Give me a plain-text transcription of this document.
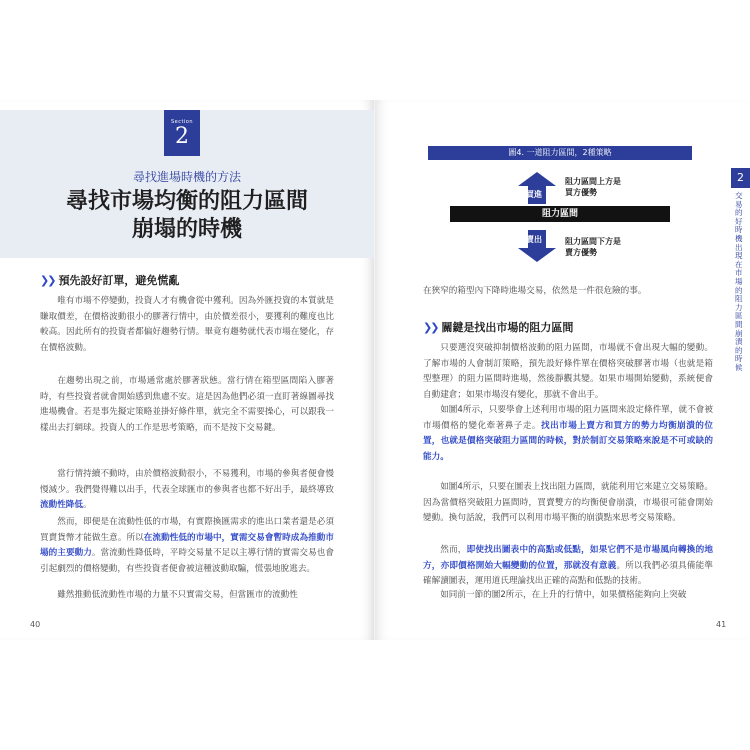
Section
2
尋找進場時機的方法
尋找市場均衡的阻力區間
崩塌的時機
❯❯ 預先設好訂單，避免慌亂

唯有市場不停變動，投資人才有機會從中獲利。因為外匯投資的本質就是賺取價差，在價格波動很小的膠著行情中，由於價差很小，要獲利的難度也比較高。因此所有的投資者都偏好趨勢行情。畢竟有趨勢就代表市場在變化，存在價格波動。

在趨勢出現之前，市場通常處於膠著狀態。當行情在箱型區間陷入膠著時，有些投資者就會開始感到焦慮不安。這是因為他們必須一直盯著線圖尋找進場機會。若是事先擬定策略並掛好條件單，就完全不需要操心，可以跟我一樣出去打網球。投資人的工作是思考策略，而不是按下交易鍵。

當行情持續不動時，由於價格波動很小，不易獲利，市場的參與者便會慢慢減少。我們覺得難以出手，代表全球匯市的參與者也都不好出手，最終導致流動性降低。

然而，即便是在流動性低的市場，有實際換匯需求的進出口業者還是必須買賣貨幣才能做生意。所以在流動性低的市場中，實需交易會暫時成為推動市場的主要動力。當流動性降低時，平時交易量不足以主導行情的實需交易也會引起劇烈的價格變動，有些投資者便會被這種波動取騙，慌張地脫逃去。

雖然推動低流動性市場的力量不只實需交易，但當匯市的流動性

40
圖4. 一道阻力區間，2種策略
買進
阻力區間上方是
買方優勢
阻力區間
賣出	阻力區間下方是
賣方優勢

在狹窄的箱型內下降時進場交易，依然是一件很危險的事。

❯❯ 關鍵是找出市場的阻力區間

只要選沒突破抑制價格波動的阻力區間，市場就不會出現大幅的變動。了解市場的人會制訂策略，預先設好條件單在價格突破膠著市場（也就是箱型整理）的阻力區間時進場，然後靜觀其變。如果市場開始變動，系統便會自動建倉；如果市場沒有變化，那就不會出手。

如圖4所示，只要學會上述利用市場的阻力區間來設定條件單，就不會被市場價格的變化牽著鼻子走。找出市場上賣方和買方的勢力均衡崩潰的位置，也就是價格突破阻力區間的時候，對於制訂交易策略來說是不可或缺的能力。

如圖4所示，只要在圖表上找出阻力區間，就能利用它來建立交易策略。因為當價格突破阻力區間時，買賣雙方的均衡便會崩潰，市場很可能會開始變動。換句話說，我們可以利用市場平衡的崩潰點來思考交易策略。

然而，即使找出圖表中的高點或低點，如果它們不是市場風向轉換的地方，亦即價格開始大幅變動的位置，那就沒有意義。所以我們必須具備能準確解讀圖表，運用道氏理論找出正確的高點和低點的技術。

如同前一節的圖2所示，在上升的行情中，如果價格能夠向上突破

41
2
交易的好時機出現在市場的阻力區間崩潰的時候
